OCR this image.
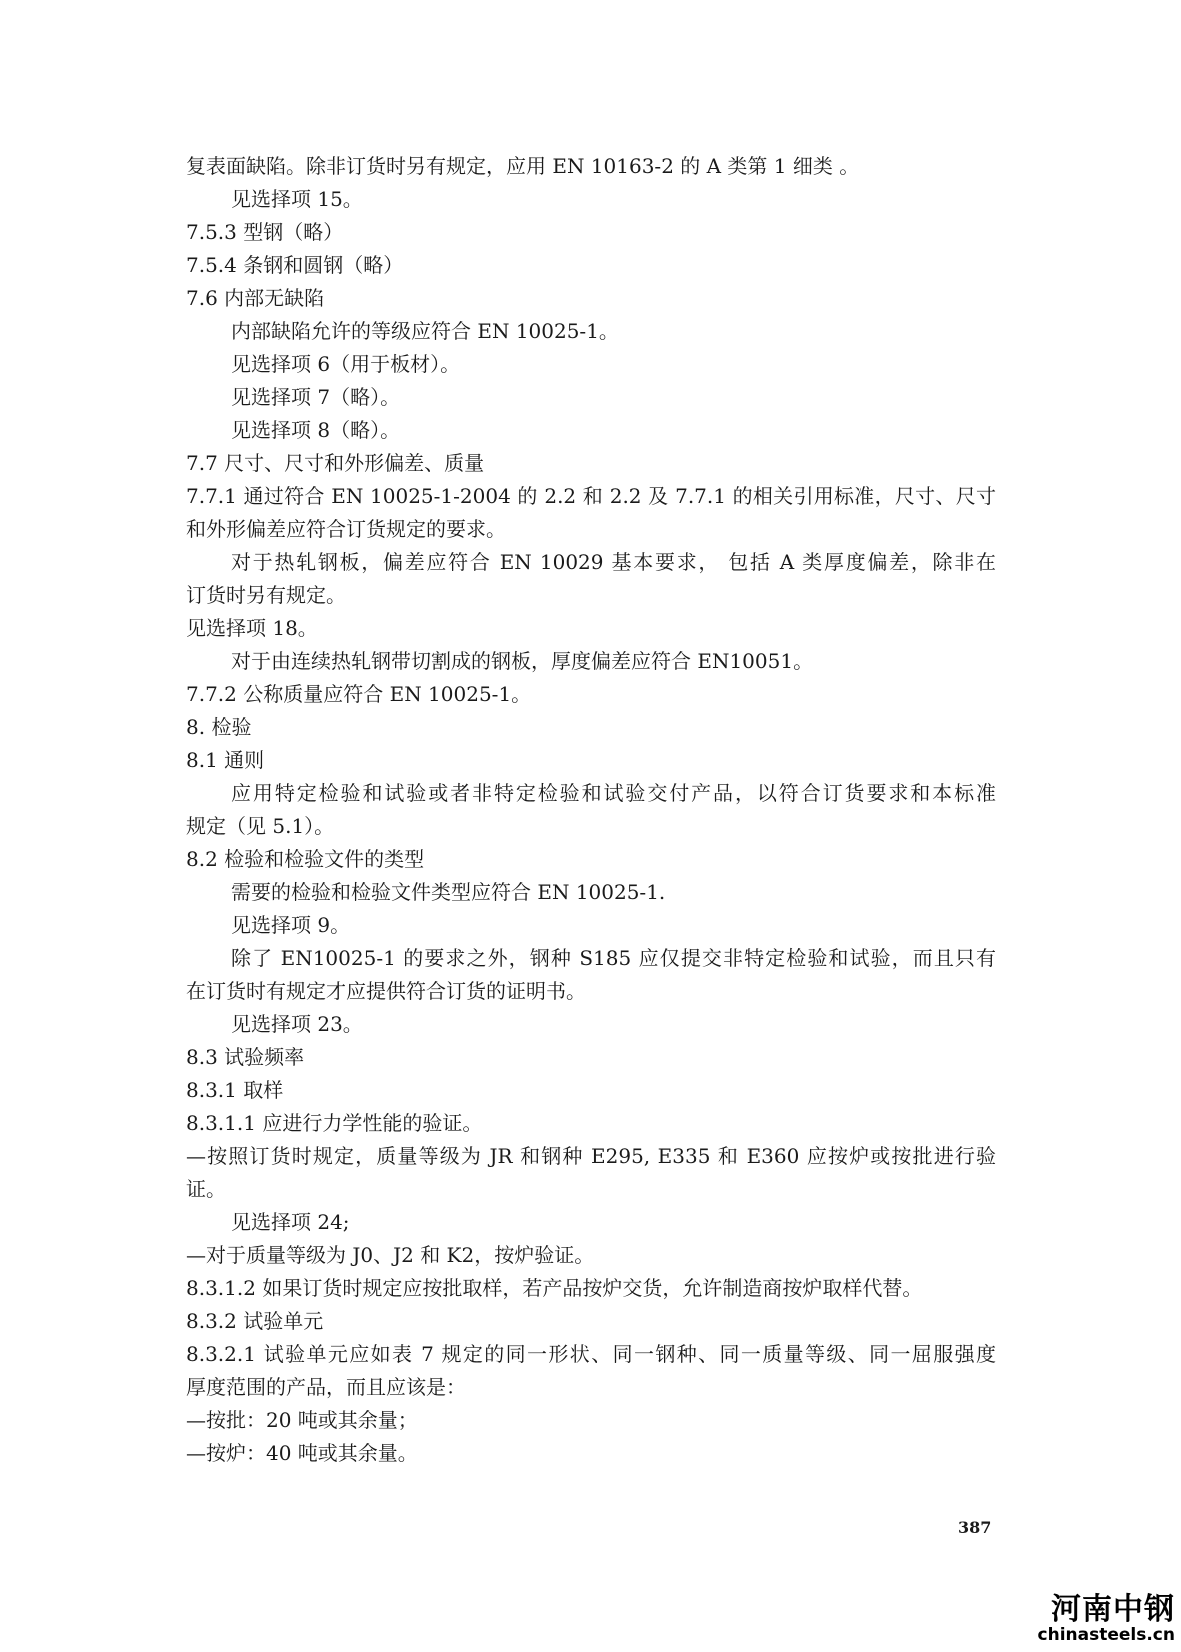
复表面缺陷。除非订货时另有规定，应用 EN 10163-2 的 A 类第 1 细类 。
见选择项 15。
7.5.3 型钢（略）
7.5.4 条钢和圆钢（略）
7.6 内部无缺陷
内部缺陷允许的等级应符合 EN 10025-1。
见选择项 6（用于板材）。
见选择项 7（略）。
见选择项 8（略）。
7.7 尺寸、尺寸和外形偏差、质量
7.7.1 通过符合 EN 10025-1-2004 的 2.2 和 2.2 及 7.7.1 的相关引用标准，尺寸、尺寸
和外形偏差应符合订货规定的要求。
对于热轧钢板，偏差应符合 EN 10029 基本要求， 包括 A 类厚度偏差，除非在
订货时另有规定。
见选择项 18。
对于由连续热轧钢带切割成的钢板，厚度偏差应符合 EN10051。
7.7.2 公称质量应符合 EN 10025-1。
8. 检验
8.1 通则
应用特定检验和试验或者非特定检验和试验交付产品，以符合订货要求和本标准
规定（见 5.1）。
8.2 检验和检验文件的类型
需要的检验和检验文件类型应符合 EN 10025-1.
见选择项 9。
除了 EN10025-1 的要求之外，钢种 S185 应仅提交非特定检验和试验，而且只有
在订货时有规定才应提供符合订货的证明书。
见选择项 23。
8.3 试验频率
8.3.1 取样
8.3.1.1 应进行力学性能的验证。
—按照订货时规定，质量等级为 JR 和钢种 E295, E335 和 E360 应按炉或按批进行验
证。
见选择项 24;
—对于质量等级为 J0、J2 和 K2，按炉验证。
8.3.1.2 如果订货时规定应按批取样，若产品按炉交货，允许制造商按炉取样代替。
8.3.2 试验单元
8.3.2.1 试验单元应如表 7 规定的同一形状、同一钢种、同一质量等级、同一屈服强度
厚度范围的产品，而且应该是：
—按批：20 吨或其余量；
—按炉：40 吨或其余量。
387
河南中钢
chinasteels.cn
